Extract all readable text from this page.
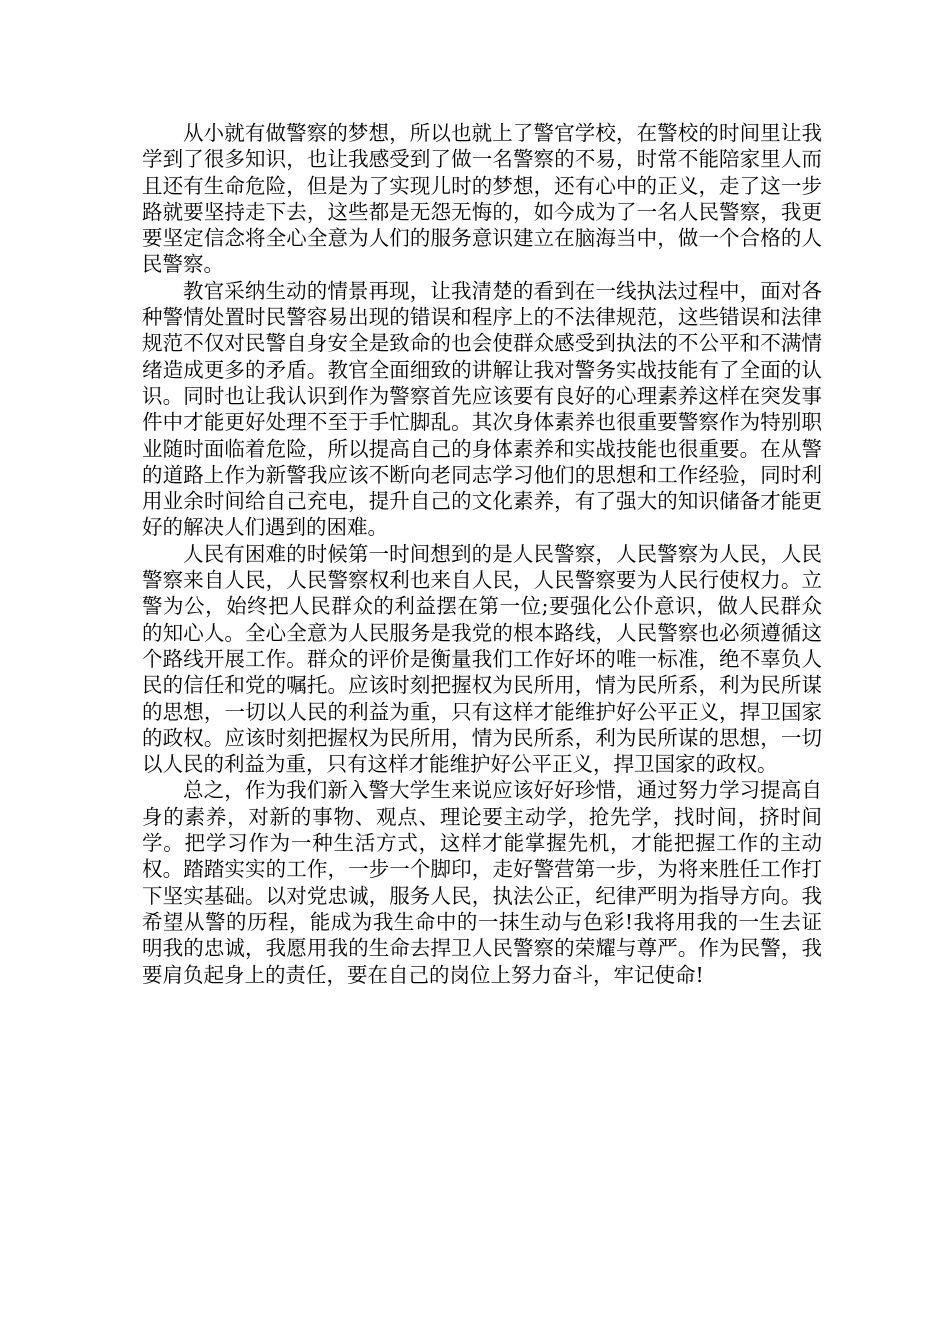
从小就有做警察的梦想，所以也就上了警官学校，在警校的时间里让我学到了很多知识，也让我感受到了做一名警察的不易，时常不能陪家里人而且还有生命危险，但是为了实现儿时的梦想，还有心中的正义，走了这一步路就要坚持走下去，这些都是无怨无悔的，如今成为了一名人民警察，我更要坚定信念将全心全意为人们的服务意识建立在脑海当中，做一个合格的人民警察。

教官采纳生动的情景再现，让我清楚的看到在一线执法过程中，面对各种警情处置时民警容易出现的错误和程序上的不法律规范，这些错误和法律规范不仅对民警自身安全是致命的也会使群众感受到执法的不公平和不满情绪造成更多的矛盾。教官全面细致的讲解让我对警务实战技能有了全面的认识。同时也让我认识到作为警察首先应该要有良好的心理素养这样在突发事件中才能更好处理不至于手忙脚乱。其次身体素养也很重要警察作为特别职业随时面临着危险，所以提高自己的身体素养和实战技能也很重要。在从警的道路上作为新警我应该不断向老同志学习他们的思想和工作经验，同时利用业余时间给自己充电，提升自己的文化素养，有了强大的知识储备才能更好的解决人们遇到的困难。

人民有困难的时候第一时间想到的是人民警察，人民警察为人民，人民警察来自人民，人民警察权利也来自人民，人民警察要为人民行使权力。立警为公，始终把人民群众的利益摆在第一位;要强化公仆意识，做人民群众的知心人。全心全意为人民服务是我党的根本路线，人民警察也必须遵循这个路线开展工作。群众的评价是衡量我们工作好坏的唯一标准，绝不辜负人民的信任和党的嘱托。应该时刻把握权为民所用，情为民所系，利为民所谋的思想，一切以人民的利益为重，只有这样才能维护好公平正义，捍卫国家的政权。应该时刻把握权为民所用，情为民所系，利为民所谋的思想，一切以人民的利益为重，只有这样才能维护好公平正义，捍卫国家的政权。

总之，作为我们新入警大学生来说应该好好珍惜，通过努力学习提高自身的素养，对新的事物、观点、理论要主动学，抢先学，找时间，挤时间学。把学习作为一种生活方式，这样才能掌握先机，才能把握工作的主动权。踏踏实实的工作，一步一个脚印，走好警营第一步，为将来胜任工作打下坚实基础。以对党忠诚，服务人民，执法公正，纪律严明为指导方向。我希望从警的历程，能成为我生命中的一抹生动与色彩!我将用我的一生去证明我的忠诚，我愿用我的生命去捍卫人民警察的荣耀与尊严。作为民警，我要肩负起身上的责任，要在自己的岗位上努力奋斗，牢记使命!
